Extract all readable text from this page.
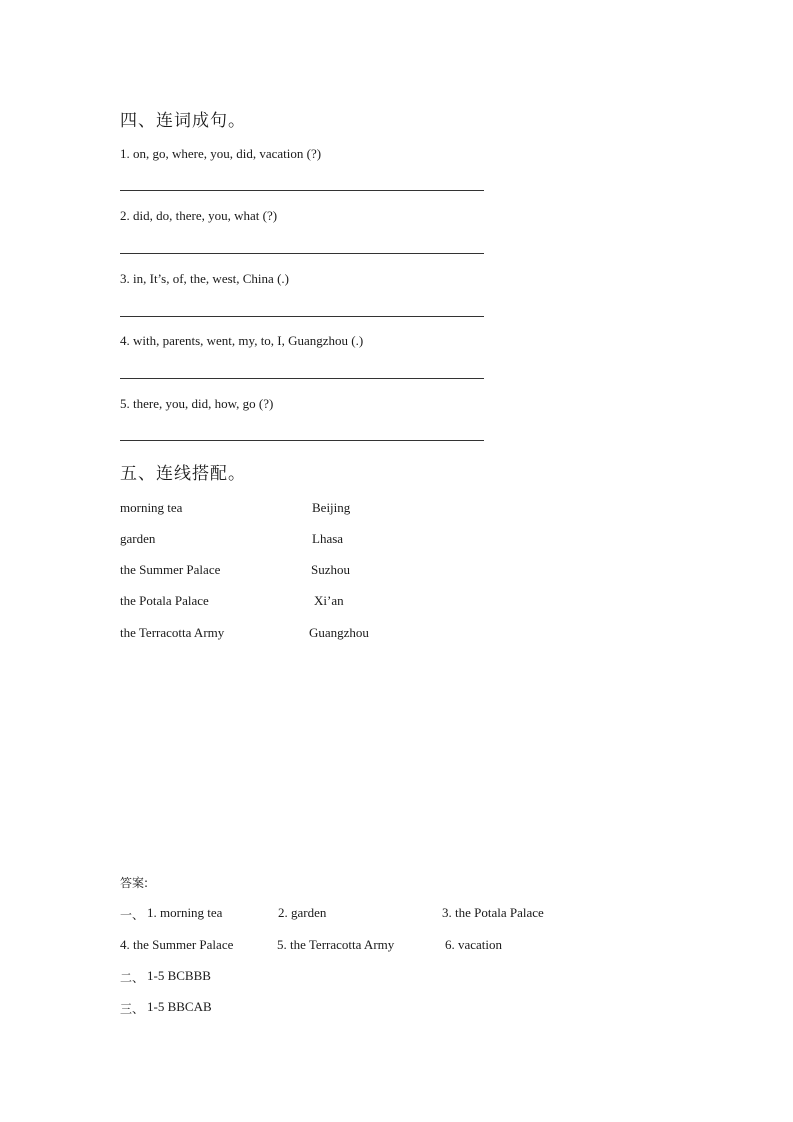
四、连词成句。
1. on, go, where, you, did, vacation (?)
2. did, do, there, you, what (?)
3. in, It’s, of, the, west, China (.)
4. with, parents, went, my, to, I, Guangzhou (.)
5. there, you, did, how, go (?)
五、连线搭配。
morning tea	Beijing
garden	Lhasa
the Summer Palace	Suzhou
the Potala Palace	Xi’an
the Terracotta Army	Guangzhou
答案:
一、 1. morning tea	2. garden	3. the Potala Palace
4. the Summer Palace	5. the Terracotta Army	6. vacation
二、 1-5 BCBBB
三、 1-5 BBCAB
